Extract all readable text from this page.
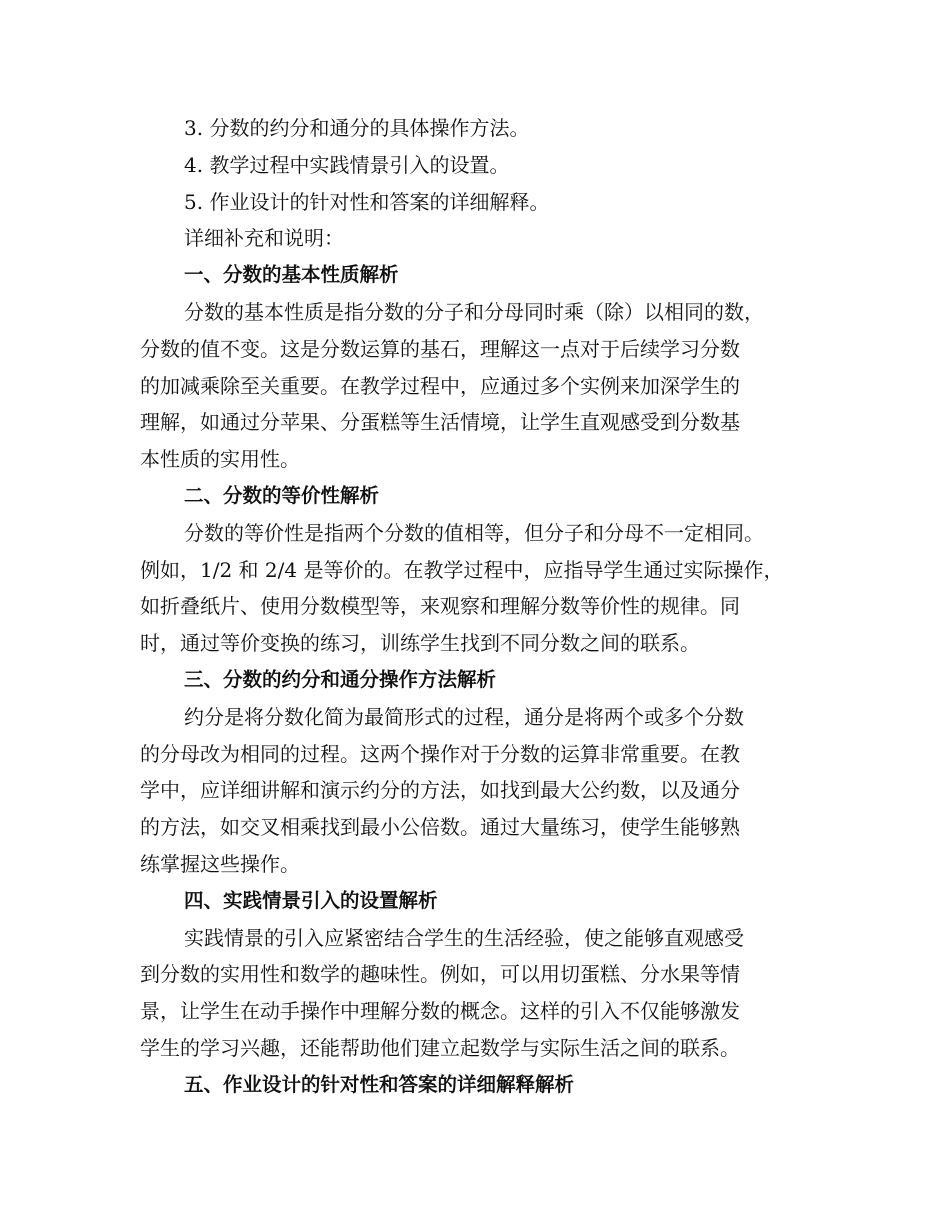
3. 分数的约分和通分的具体操作方法。

4. 教学过程中实践情景引入的设置。

5. 作业设计的针对性和答案的详细解释。

详细补充和说明：

一、分数的基本性质解析

分数的基本性质是指分数的分子和分母同时乘（除）以相同的数，

分数的值不变。这是分数运算的基石，理解这一点对于后续学习分数

的加减乘除至关重要。在教学过程中，应通过多个实例来加深学生的

理解，如通过分苹果、分蛋糕等生活情境，让学生直观感受到分数基

本性质的实用性。

二、分数的等价性解析

分数的等价性是指两个分数的值相等，但分子和分母不一定相同。

例如，1/2 和 2/4 是等价的。在教学过程中，应指导学生通过实际操作，

如折叠纸片、使用分数模型等，来观察和理解分数等价性的规律。同

时，通过等价变换的练习，训练学生找到不同分数之间的联系。

三、分数的约分和通分操作方法解析

约分是将分数化简为最简形式的过程，通分是将两个或多个分数

的分母改为相同的过程。这两个操作对于分数的运算非常重要。在教

学中，应详细讲解和演示约分的方法，如找到最大公约数，以及通分

的方法，如交叉相乘找到最小公倍数。通过大量练习，使学生能够熟

练掌握这些操作。

四、实践情景引入的设置解析

实践情景的引入应紧密结合学生的生活经验，使之能够直观感受

到分数的实用性和数学的趣味性。例如，可以用切蛋糕、分水果等情

景，让学生在动手操作中理解分数的概念。这样的引入不仅能够激发

学生的学习兴趣，还能帮助他们建立起数学与实际生活之间的联系。

五、作业设计的针对性和答案的详细解释解析
